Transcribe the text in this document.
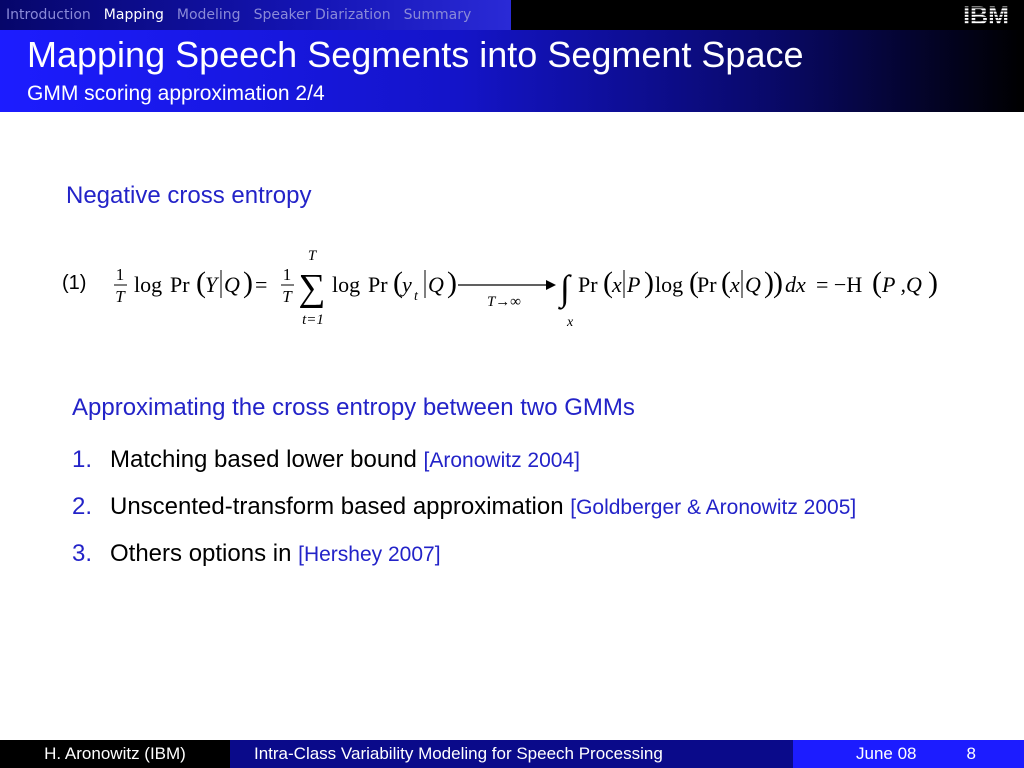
Introduction Mapping Modeling Speaker Diarization Summary	IBM
Mapping Speech Segments into Segment Space
GMM scoring approximation 2/4
Negative cross entropy
(1) 1
T log Pr ( Y Q ) = 1
T
T
∑
t=1
log Pr ( y t Q )
T→∞ ∫
x
Pr ( x P ) log (
Pr ( x Q ) ) dx = −H ( P ,Q )
Approximating the cross entropy between two GMMs
1. Matching based lower bound [Aronowitz 2004]
2. Unscented-transform based approximation [Goldberger & Aronowitz 2005]
3. Others options in [Hershey 2007]
H. Aronowitz (IBM)	Intra-Class Variability Modeling for Speech Processing	June 08	8
